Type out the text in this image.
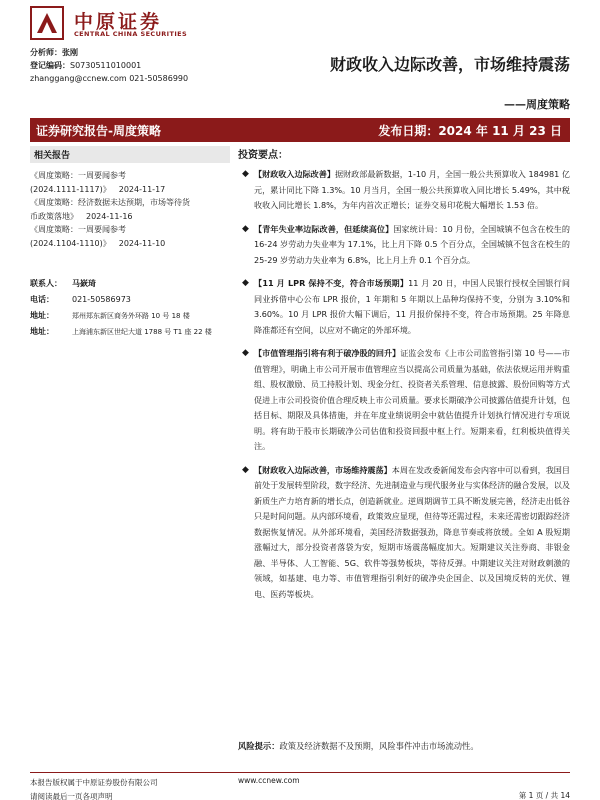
中原证券
CENTRAL CHINA SECURITIES
分析师：张刚
登记编码：S0730511010001
zhanggang@ccnew.com 021-50586990
财政收入边际改善，市场维持震荡
——周度策略
证券研究报告-周度策略	发布日期：2024 年 11 月 23 日
相关报告
《周度策略：一周要闻参考
(2024.1111-1117)》 2024-11-17
《周度策略：经济数据未达预期，市场等待货
币政策落地》 2024-11-16
《周度策略：一周要闻参考
(2024.1104-1110)》 2024-11-10
联系人：	马嶔琦
电话：	021-50586973
地址：	郑州郑东新区商务外环路 10 号 18 楼
地址：	上海浦东新区世纪大道 1788 号 T1 座 22 楼
投资要点：
◆ 【财政收入边际改善】据财政部最新数据，1-10 月，全国一般公共预算收入 184981 亿元，累计同比下降 1.3%。10 月当月，全国一般公共预算收入同比增长 5.49%，其中税收收入同比增长 1.8%，为年内首次正增长；证券交易印花税大幅增长 1.53 倍。
◆ 【青年失业率边际改善，但延续高位】国家统计局：10 月份，全国城镇不包含在校生的 16-24 岁劳动力失业率为 17.1%，比上月下降 0.5 个百分点，全国城镇不包含在校生的 25-29 岁劳动力失业率为 6.8%，比上月上升 0.1 个百分点。
◆ 【11 月 LPR 保持不变，符合市场预期】11 月 20 日，中国人民银行授权全国银行间同业拆借中心公布 LPR 报价，1 年期和 5 年期以上品种均保持不变，分别为 3.10%和 3.60%。10 月 LPR 报价大幅下调后，11 月报价保持不变，符合市场预期。25 年降息降准都还有空间，以应对不确定的外部环境。
◆ 【市值管理指引将有利于破净股的回升】证监会发布《上市公司监管指引第 10 号——市值管理》，明确上市公司开展市值管理应当以提高公司质量为基础，依法依规运用并购重组、股权激励、员工持股计划、现金分红、投资者关系管理、信息披露、股份回购等方式促进上市公司投资价值合理反映上市公司质量。要求长期破净公司披露估值提升计划，包括目标、期限及具体措施，并在年度业绩说明会中就估值提升计划执行情况进行专项说明。将有助于股市长期破净公司估值和投资回报中枢上行。短期来看，红利板块值得关注。
◆ 【财政收入边际改善，市场维持震荡】本周在发改委新闻发布会内容中可以看到，我国目前处于发展转型阶段，数字经济、先进制造业与现代服务业与实体经济的融合发展，以及新质生产力培育新的增长点，创造新就业。逆周期调节工具不断发展完善，经济走出低谷只是时间问题。从内部环境看，政策效应显现，但待等还需过程，未来还需密切跟踪经济数据恢复情况。从外部环境看，美国经济数据强劲，降息节奏或将放缓。全如 A 股短期涨幅过大，部分投资者落袋为安，短期市场震荡幅度加大。短期建议关注券商、非银金融、半导体、人工智能、5G、软件等强势板块，等待反弹。中期建议关注对财政刺激的领域，如基建、电力等、市值管理指引利好的破净央企国企、以及国境反转的光伏、锂电、医药等板块。
风险提示：政策及经济数据不及预期，风险事件冲击市场流动性。
本报告版权属于中原证券股份有限公司
请阅读最后一页各项声明
www.ccnew.com
第 1 页 / 共 14
